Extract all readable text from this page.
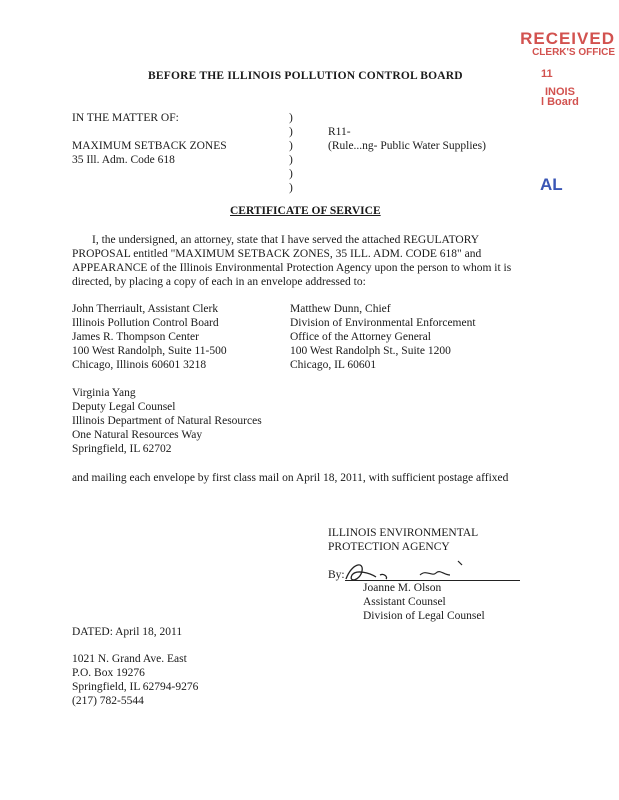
RECEIVED
CLERK'S OFFICE
11
INOIS
l Board
AL
BEFORE THE ILLINOIS POLLUTION CONTROL BOARD
IN THE MATTER OF:
MAXIMUM SETBACK ZONES
35 Ill. Adm. Code 618
)
)
)
)
)
)
R11-
(Rule...ng- Public Water Supplies)
CERTIFICATE OF SERVICE
I, the undersigned, an attorney, state that I have served the attached REGULATORY PROPOSAL entitled "MAXIMUM SETBACK ZONES, 35 ILL. ADM. CODE 618" and APPEARANCE of the Illinois Environmental Protection Agency upon the person to whom it is directed, by placing a copy of each in an envelope addressed to:
John Therriault, Assistant Clerk
Illinois Pollution Control Board
James R. Thompson Center
100 West Randolph, Suite 11-500
Chicago, Illinois 60601 3218
Matthew Dunn, Chief
Division of Environmental Enforcement
Office of the Attorney General
100 West Randolph St., Suite 1200
Chicago, IL 60601
Virginia Yang
Deputy Legal Counsel
Illinois Department of Natural Resources
One Natural Resources Way
Springfield, IL 62702
and mailing each envelope by first class mail on April 18, 2011, with sufficient postage affixed
ILLINOIS ENVIRONMENTAL
PROTECTION AGENCY
By:
Joanne M. Olson
Assistant Counsel
Division of Legal Counsel
DATED: April 18, 2011
1021 N. Grand Ave. East
P.O. Box 19276
Springfield, IL 62794-9276
(217) 782-5544
